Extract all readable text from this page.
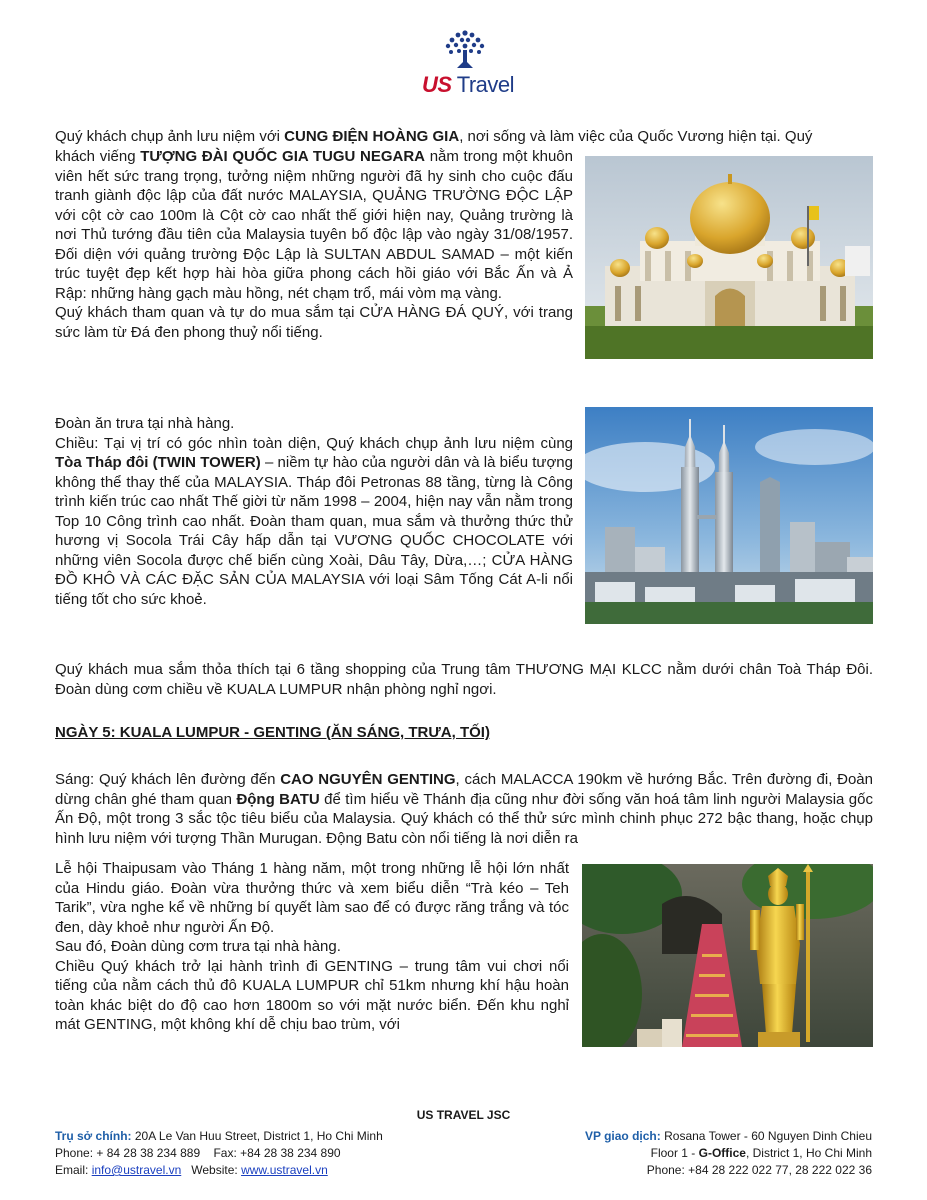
US Travel
Quý khách chụp ảnh lưu niệm với CUNG ĐIỆN HOÀNG GIA, nơi sống và làm việc của Quốc Vương hiện tại. Quý
khách viếng TƯỢNG ĐÀI QUỐC GIA TUGU NEGARA nằm trong một khuôn viên hết sức trang trọng, tưởng niệm những người đã hy sinh cho cuộc đấu tranh giành độc lập của đất nước MALAYSIA, QUẢNG TRƯỜNG ĐỘC LẬP với cột cờ cao 100m là Cột cờ cao nhất thế giới hiện nay, Quảng trường là nơi Thủ tướng đầu tiên của Malaysia tuyên bố độc lập vào ngày 31/08/1957. Đối diện với quảng trường Độc Lập là SULTAN ABDUL SAMAD – một kiến trúc tuyệt đẹp kết hợp hài hòa giữa phong cách hồi giáo với Bắc Ấn và Ả Rập: những hàng gạch màu hồng, nét chạm trổ, mái vòm mạ vàng.
Quý khách tham quan và tự do mua sắm tại CỬA HÀNG ĐÁ QUÝ, với trang sức làm từ Đá đen phong thuỷ nổi tiếng.
Đoàn ăn trưa tại nhà hàng.
Chiều: Tại vị trí có góc nhìn toàn diện, Quý khách chụp ảnh lưu niệm cùng Tòa Tháp đôi (TWIN TOWER) – niềm tự hào của người dân và là biểu tượng không thể thay thế của MALAYSIA. Tháp đôi Petronas 88 tầng, từng là Công trình kiến trúc cao nhất Thế giời từ năm 1998 – 2004, hiện nay vẫn nằm trong Top 10 Công trình cao nhất. Đoàn tham quan, mua sắm và thưởng thức thử hương vị Socola Trái Cây hấp dẫn tại VƯƠNG QUỐC CHOCOLATE với những viên Socola được chế biến cùng Xoài, Dâu Tây, Dừa,…; CỬA HÀNG ĐỒ KHÔ VÀ CÁC ĐẶC SẢN CỦA MALAYSIA với loại Sâm Tống Cát A-li nổi tiếng tốt cho sức khoẻ.
Quý khách mua sắm thỏa thích tại 6 tầng shopping của Trung tâm THƯƠNG MẠI KLCC nằm dưới chân Toà Tháp Đôi. Đoàn dùng cơm chiều về KUALA LUMPUR nhận phòng nghỉ ngơi.
NGÀY 5: KUALA LUMPUR - GENTING (ĂN SÁNG, TRƯA, TỐI)
Sáng: Quý khách lên đường đến CAO NGUYÊN GENTING, cách MALACCA 190km về hướng Bắc. Trên đường đi, Đoàn dừng chân ghé tham quan Động BATU để tìm hiểu về Thánh địa cũng như đời sống văn hoá tâm linh người Malaysia gốc Ấn Độ, một trong 3 sắc tộc tiêu biểu của Malaysia. Quý khách có thể thử sức mình chinh phục 272 bậc thang, hoặc chụp hình lưu niệm với tượng Thần Murugan. Động Batu còn nổi tiếng là nơi diễn ra
Lễ hội Thaipusam vào Tháng 1 hàng năm, một trong những lễ hội lớn nhất của Hindu giáo. Đoàn vừa thưởng thức và xem biểu diễn “Trà kéo – Teh Tarik”, vừa nghe kể về những bí quyết làm sao để có được răng trắng và tóc đen, dày khoẻ như người Ấn Độ.
Sau đó, Đoàn dùng cơm trưa tại nhà hàng.
Chiều Quý khách trở lại hành trình đi GENTING – trung tâm vui chơi nổi tiếng của nằm cách thủ đô KUALA LUMPUR chỉ 51km nhưng khí hậu hoàn toàn khác biệt do độ cao hơn 1800m so với mặt nước biển. Đến khu nghỉ mát GENTING, một không khí dễ chịu bao trùm, với
US TRAVEL JSC
Trụ sở chính: 20A Le Van Huu Street, District 1, Ho Chi Minh
Phone: + 84 28 38 234 889    Fax: +84 28 38 234 890
Email: info@ustravel.vn   Website: www.ustravel.vn
VP giao dịch: Rosana Tower - 60 Nguyen Dinh Chieu
Floor 1 - G-Office, District 1, Ho Chi Minh
Phone: +84 28 222 022 77, 28 222 022 36
